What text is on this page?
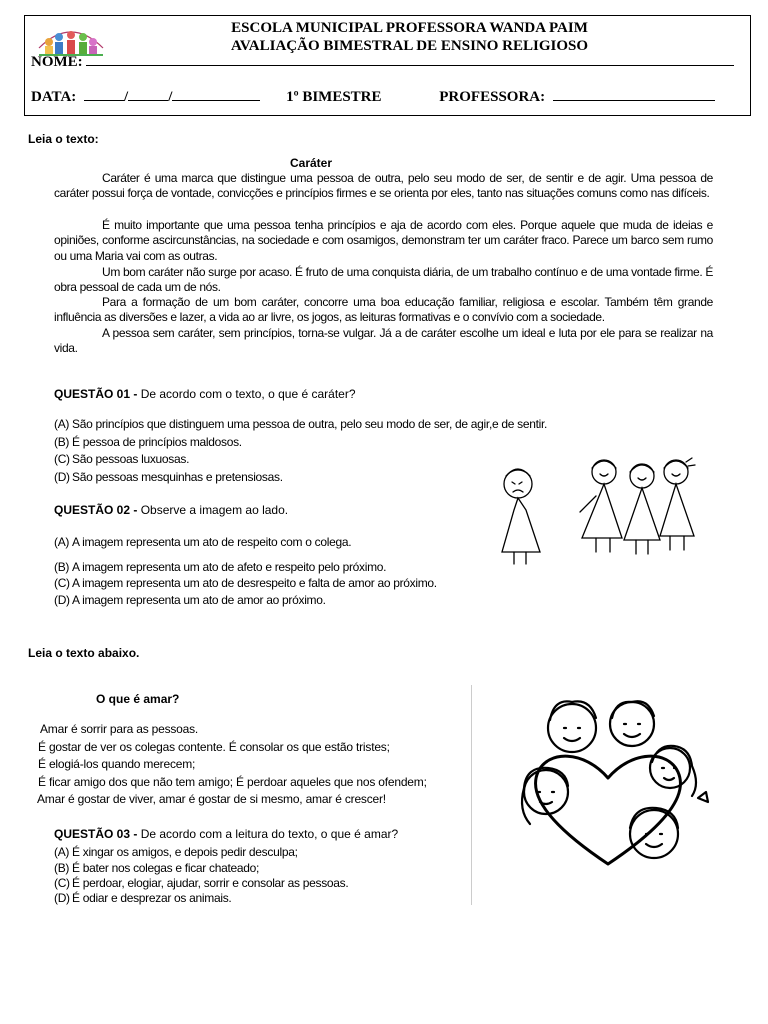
ESCOLA MUNICIPAL PROFESSORA WANDA PAIM
AVALIAÇÃO BIMESTRAL DE ENSINO RELIGIOSO
NOME:
DATA:	/	/	1º BIMESTRE	PROFESSORA:
Leia o texto:
Caráter
Caráter é uma marca que distingue uma pessoa de outra, pelo seu modo de ser, de sentir e de agir. Uma pessoa de caráter possui força de vontade, convicções e princípios firmes e se orienta por eles, tanto nas situações comuns como nas difíceis.
É muito importante que uma pessoa tenha princípios e aja de acordo com eles. Porque aquele que muda de ideias e opiniões, conforme ascircunstâncias, na sociedade e com osamigos, demonstram ter um caráter fraco. Parece um barco sem rumo ou uma Maria vai com as outras.
Um bom caráter não surge por acaso. É fruto de uma conquista diária, de um trabalho contínuo e de uma vontade firme. É obra pessoal de cada um de nós.
Para a formação de um bom caráter, concorre uma boa educação familiar, religiosa e escolar. Também têm grande influência as diversões e lazer, a vida ao ar livre, os jogos, as leituras formativas e o convívio com a sociedade.
A pessoa sem caráter, sem princípios, torna-se vulgar. Já a de caráter escolhe um ideal e luta por ele para se realizar na vida.
QUESTÃO 01 - De acordo com o texto, o que é caráter?
(A) São princípios que distinguem uma pessoa de outra, pelo seu modo de ser, de agir,e de sentir.
(B) É pessoa de princípios maldosos.
(C) São pessoas luxuosas.
(D) São pessoas mesquinhas e pretensiosas.
QUESTÃO 02 - Observe a imagem ao lado.
(A) A imagem representa um ato de respeito com o colega.
(B) A imagem representa um ato de afeto e respeito pelo próximo.
(C) A imagem representa um ato de desrespeito e falta de amor ao próximo.
(D) A imagem representa um ato de amor ao próximo.
Leia o texto abaixo.
O que é amar?
Amar é sorrir para as pessoas.
É gostar de ver os colegas contente. É consolar os que estão tristes;
É elogiá-los quando merecem;
É ficar amigo dos que não tem amigo; É perdoar aqueles que nos ofendem;
Amar é gostar de viver, amar é gostar de si mesmo, amar é crescer!
QUESTÃO 03 - De acordo com a leitura do texto, o que é amar?
(A) É xingar os amigos, e depois pedir desculpa;
(B) É bater nos colegas e ficar chateado;
(C) É perdoar, elogiar, ajudar, sorrir e consolar as pessoas.
(D) É odiar e desprezar os animais.
